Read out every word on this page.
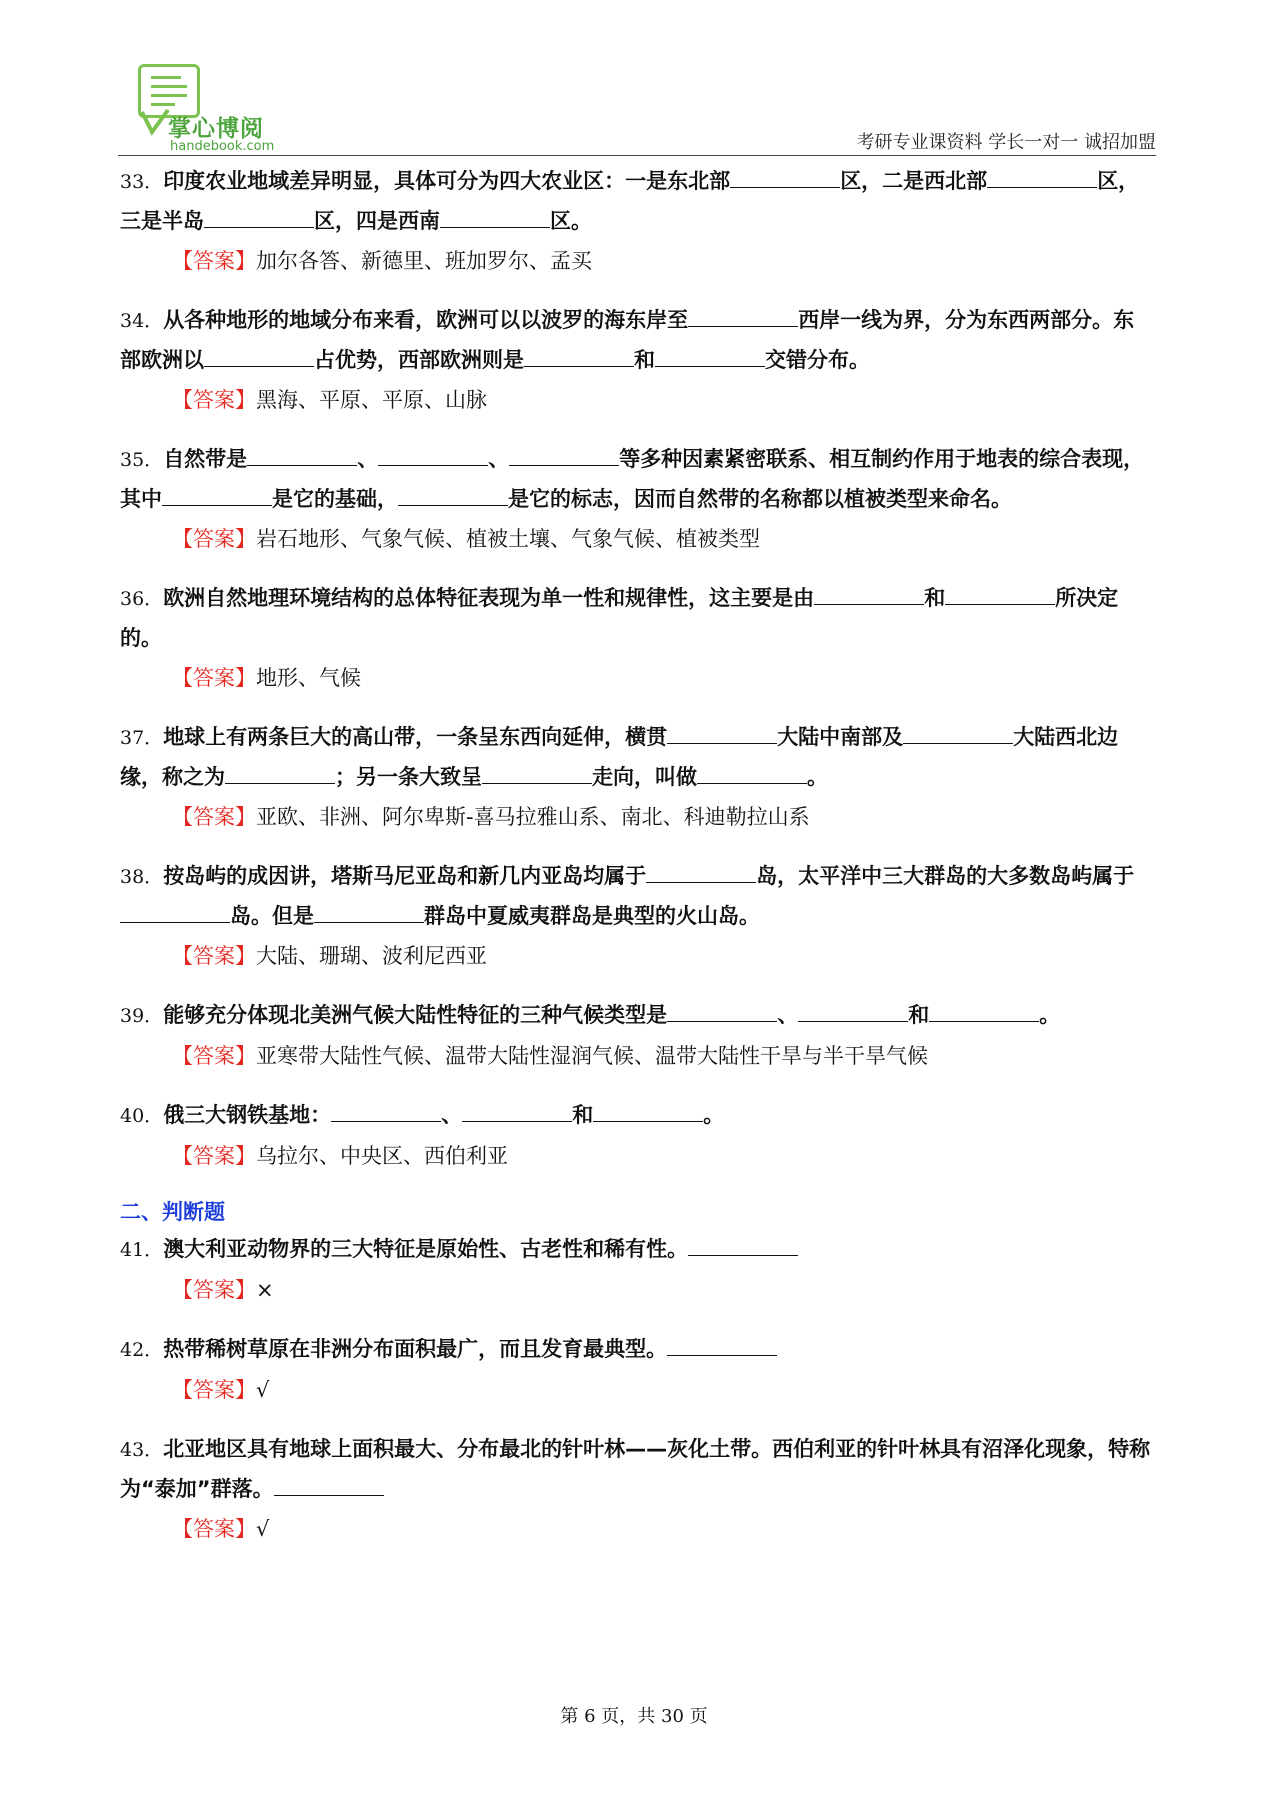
掌心博阅
handebook.com	考研专业课资料 学长一对一 诚招加盟
33．印度农业地域差异明显，具体可分为四大农业区：一是东北部	区，二是西北部	区，三是半岛	区，四是西南	区。
【答案】加尔各答、新德里、班加罗尔、孟买
34．从各种地形的地域分布来看，欧洲可以以波罗的海东岸至	西岸一线为界，分为东西两部分。东部欧洲以	占优势，西部欧洲则是	和	交错分布。
【答案】黑海、平原、平原、山脉
35．自然带是	、	、	等多种因素紧密联系、相互制约作用于地表的综合表现，其中	是它的基础，	是它的标志，因而自然带的名称都以植被类型来命名。
【答案】岩石地形、气象气候、植被土壤、气象气候、植被类型
36．欧洲自然地理环境结构的总体特征表现为单一性和规律性，这主要是由	和	所决定的。
【答案】地形、气候
37．地球上有两条巨大的高山带，一条呈东西向延伸，横贯	大陆中南部及	大陆西北边缘，称之为	；另一条大致呈	走向，叫做	。
【答案】亚欧、非洲、阿尔卑斯-喜马拉雅山系、南北、科迪勒拉山系
38．按岛屿的成因讲，塔斯马尼亚岛和新几内亚岛均属于	岛，太平洋中三大群岛的大多数岛屿属于岛。但是	群岛中夏威夷群岛是典型的火山岛。
【答案】大陆、珊瑚、波利尼西亚
39．能够充分体现北美洲气候大陆性特征的三种气候类型是	、	和	。
【答案】亚寒带大陆性气候、温带大陆性湿润气候、温带大陆性干旱与半干旱气候
40．俄三大钢铁基地：	、	和	。
【答案】乌拉尔、中央区、西伯利亚
二、判断题
41．澳大利亚动物界的三大特征是原始性、古老性和稀有性。
【答案】×
42．热带稀树草原在非洲分布面积最广，而且发育最典型。
【答案】√
43．北亚地区具有地球上面积最大、分布最北的针叶林——灰化土带。西伯利亚的针叶林具有沼泽化现象，特称为“泰加”群落。
【答案】√
第 6 页，共 30 页
